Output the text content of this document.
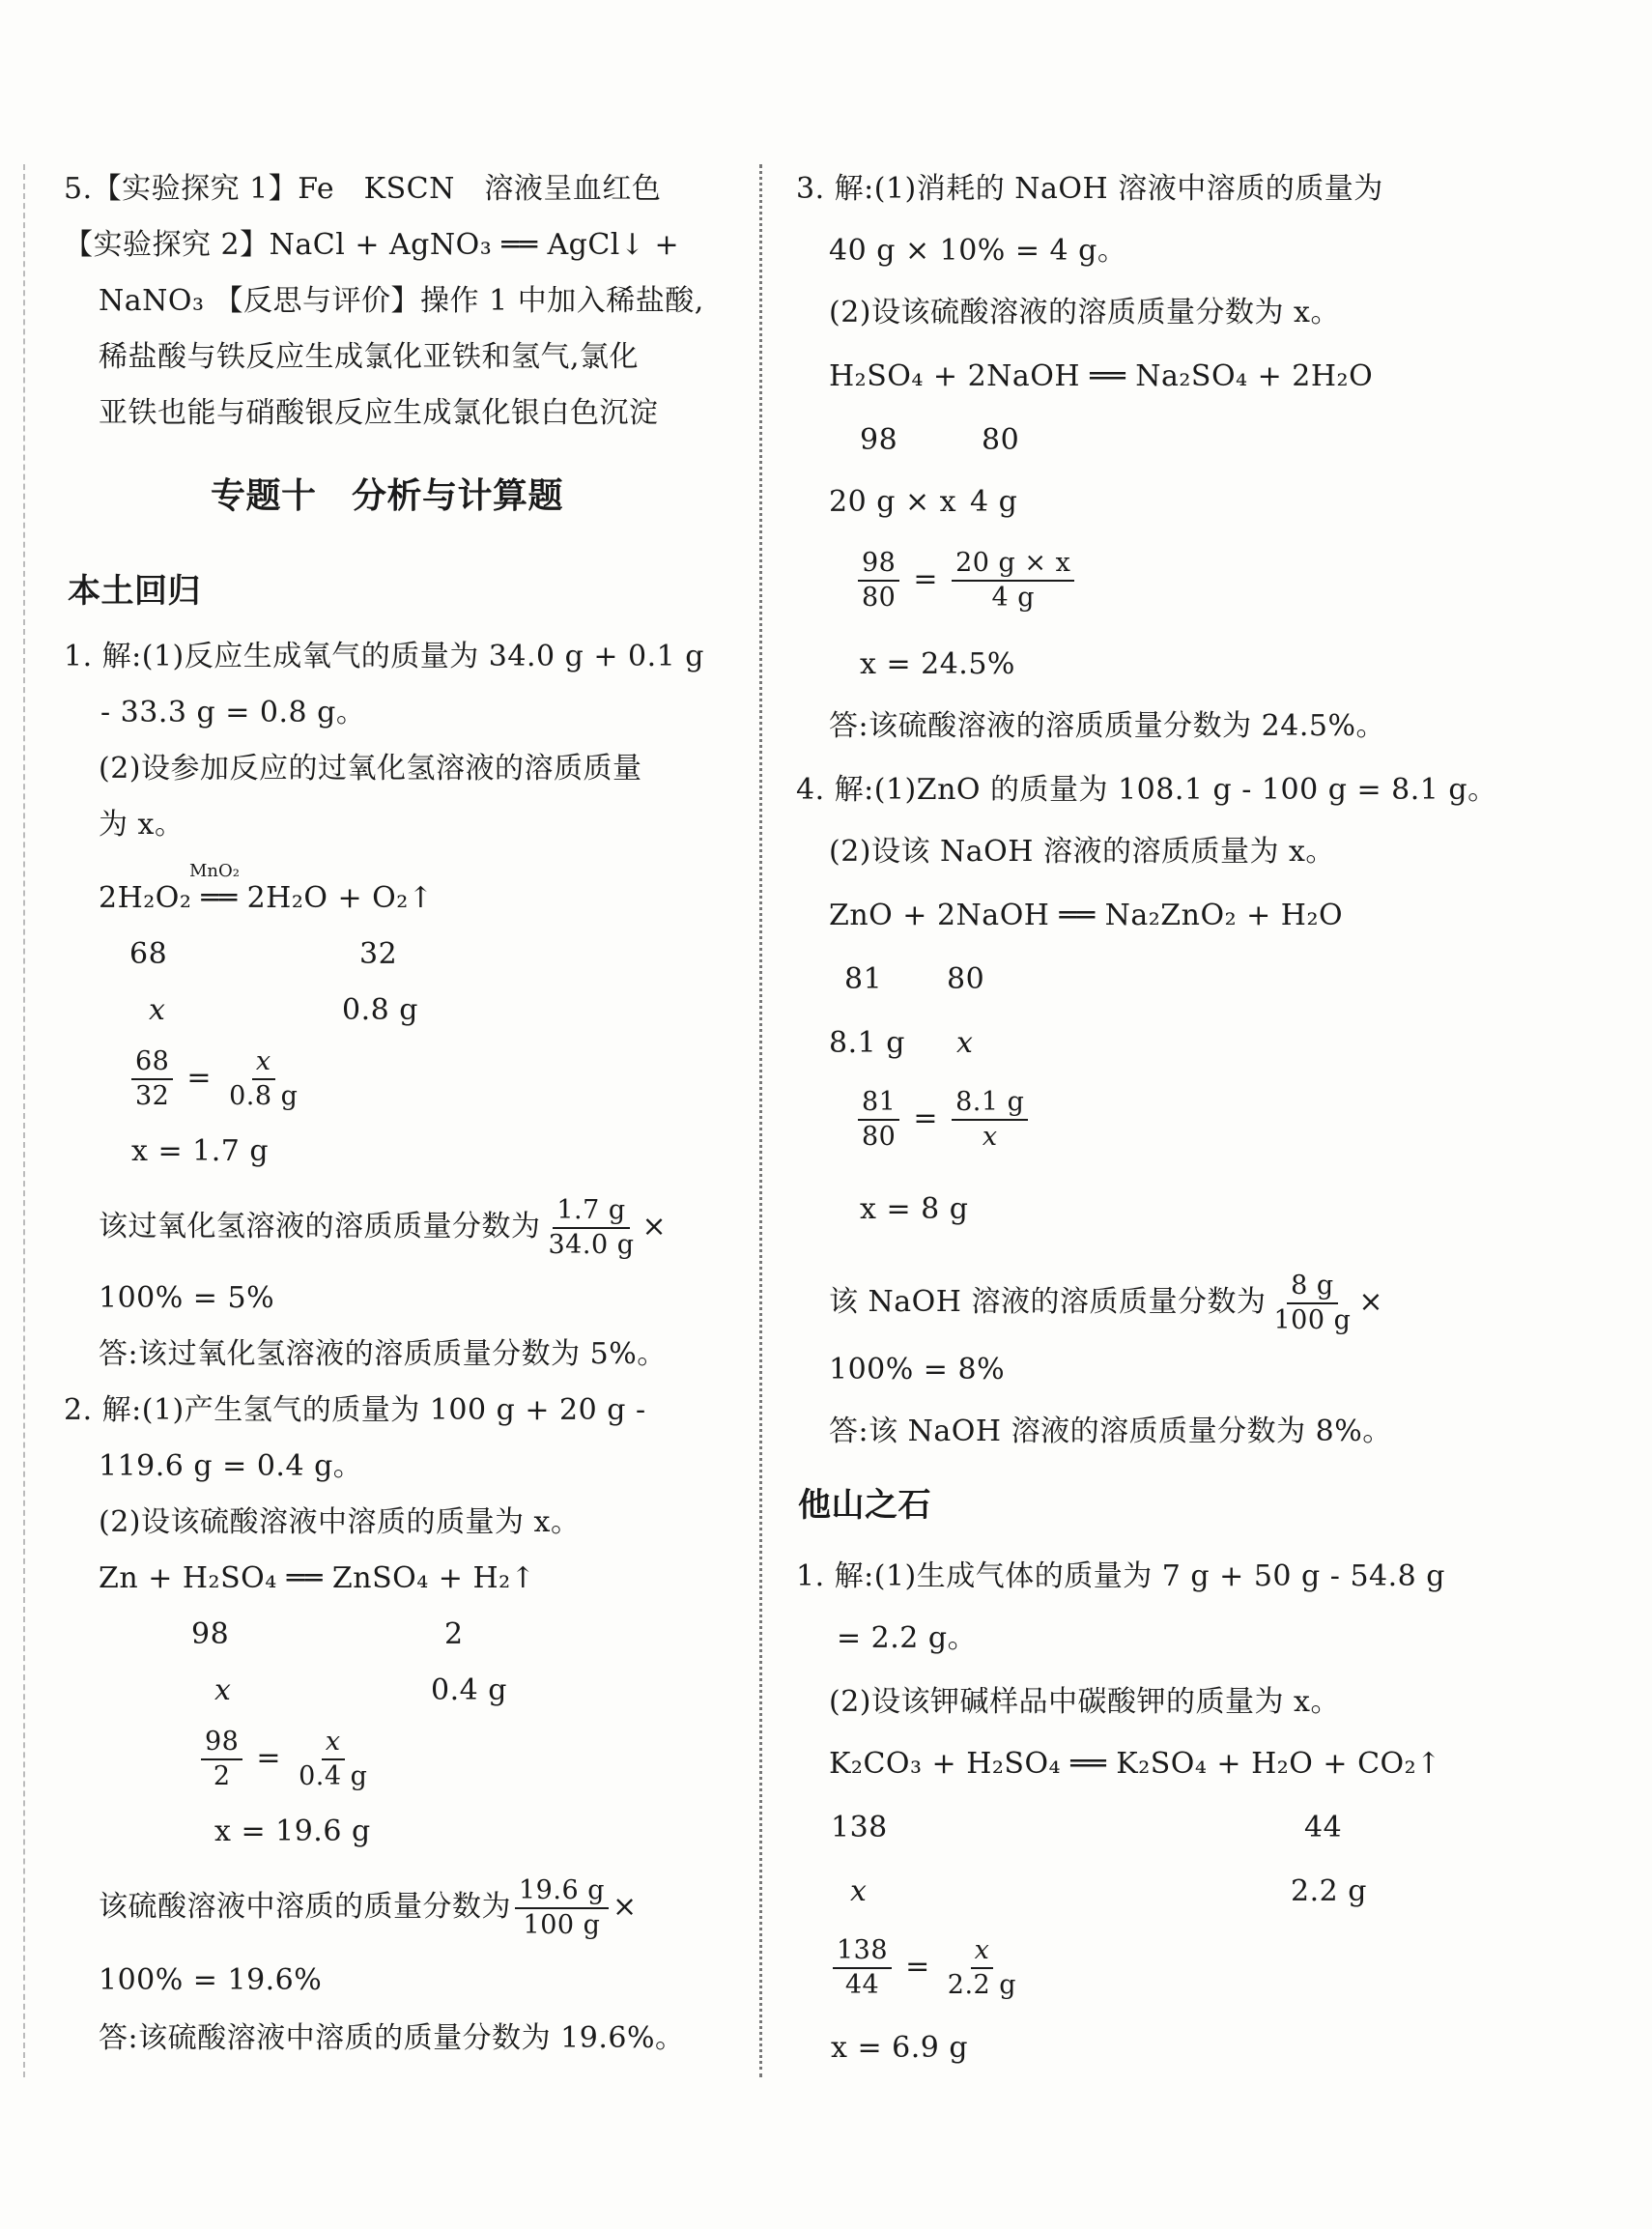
5.【实验探究 1】Fe　KSCN　溶液呈血红色
【实验探究 2】NaCl + AgNO₃ ══ AgCl↓ +
NaNO₃ 【反思与评价】操作 1 中加入稀盐酸,
稀盐酸与铁反应生成氯化亚铁和氢气,氯化
亚铁也能与硝酸银反应生成氯化银白色沉淀
专题十　分析与计算题
本土回归
1. 解:(1)反应生成氧气的质量为 34.0 g + 0.1 g
- 33.3 g = 0.8 g。
(2)设参加反应的过氧化氢溶液的溶质质量
为 x。
MnO₂
2H₂O₂ ══ 2H₂O + O₂↑
68	32
x	0.8 g
$\frac{68}{32} = \frac{x}{0.8 g}$
x = 1.7 g
该过氧化氢溶液的溶质质量分数为 $\frac{1.7 g}{34.0 g}$ ×
100% = 5%
答:该过氧化氢溶液的溶质质量分数为 5%。
2. 解:(1)产生氢气的质量为 100 g + 20 g -
119.6 g = 0.4 g。
(2)设该硫酸溶液中溶质的质量为 x。
Zn + H₂SO₄ ══ ZnSO₄ + H₂↑
98	2
x	0.4 g
$\frac{98}{2} = \frac{x}{0.4 g}$
x = 19.6 g
该硫酸溶液中溶质的质量分数为 $\frac{19.6 g}{100 g}$ ×
100% = 19.6%
答:该硫酸溶液中溶质的质量分数为 19.6%。
3. 解:(1)消耗的 NaOH 溶液中溶质的质量为
40 g × 10% = 4 g。
(2)设该硫酸溶液的溶质质量分数为 x。
H₂SO₄ + 2NaOH ══ Na₂SO₄ + 2H₂O
98	80
20 g × x 4 g
$\frac{98}{80} = \frac{20 g \times x}{4 g}$
x = 24.5%
答:该硫酸溶液的溶质质量分数为 24.5%。
4. 解:(1)ZnO 的质量为 108.1 g - 100 g = 8.1 g。
(2)设该 NaOH 溶液的溶质质量为 x。
ZnO + 2NaOH ══ Na₂ZnO₂ + H₂O
81 80
8.1 g x
$\frac{81}{80} = \frac{8.1 g}{x}$
x = 8 g
该 NaOH 溶液的溶质质量分数为 $\frac{8 g}{100 g}$ ×
100% = 8%
答:该 NaOH 溶液的溶质质量分数为 8%。
他山之石
1. 解:(1)生成气体的质量为 7 g + 50 g - 54.8 g
= 2.2 g。
(2)设该钾碱样品中碳酸钾的质量为 x。
K₂CO₃ + H₂SO₄ ══ K₂SO₄ + H₂O + CO₂↑
138	44
x	2.2 g
$\frac{138}{44} = \frac{x}{2.2 g}$
x = 6.9 g
